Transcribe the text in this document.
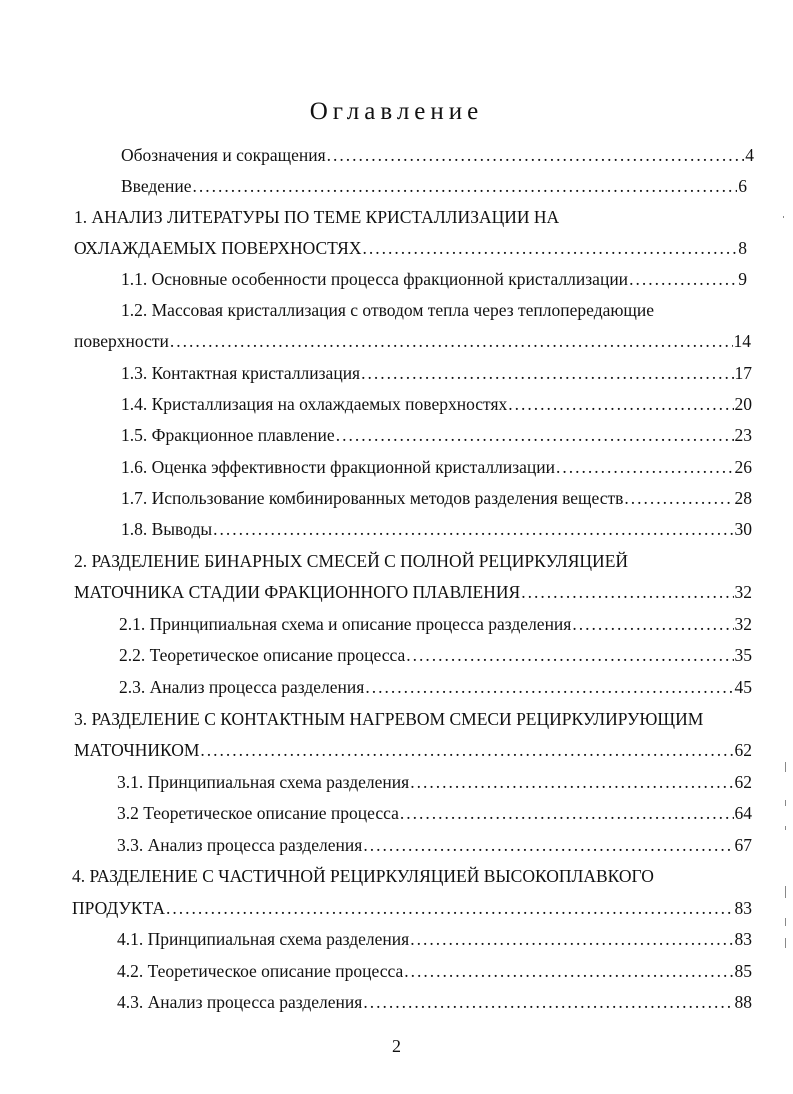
Оглавление
Обозначения и сокращения .....	4
Введение .....	6
1. АНАЛИЗ ЛИТЕРАТУРЫ ПО ТЕМЕ КРИСТАЛЛИЗАЦИИ НА
ОХЛАЖДАЕМЫХ ПОВЕРХНОСТЯХ .....	8
1.1. Основные особенности процесса фракционной кристаллизации .....	9
1.2. Массовая кристаллизация с отводом тепла через теплопередающие
поверхности .....	14
1.3. Контактная кристаллизация .....	17
1.4. Кристаллизация на охлаждаемых поверхностях .....	20
1.5. Фракционное плавление .....	23
1.6. Оценка эффективности фракционной кристаллизации .....	26
1.7. Использование комбинированных методов разделения веществ .....	28
1.8. Выводы .....	30
2. РАЗДЕЛЕНИЕ БИНАРНЫХ СМЕСЕЙ С ПОЛНОЙ РЕЦИРКУЛЯЦИЕЙ
МАТОЧНИКА СТАДИИ ФРАКЦИОННОГО ПЛАВЛЕНИЯ .....	32
2.1. Принципиальная схема и описание процесса разделения .....	32
2.2. Теоретическое описание процесса .....	35
2.3. Анализ процесса разделения .....	45
3. РАЗДЕЛЕНИЕ С КОНТАКТНЫМ НАГРЕВОМ СМЕСИ РЕЦИРКУЛИРУЮЩИМ
МАТОЧНИКОМ .....	62
3.1. Принципиальная схема разделения .....	62
3.2 Теоретическое описание процесса .....	64
3.3. Анализ процесса разделения .....	67
4. РАЗДЕЛЕНИЕ С ЧАСТИЧНОЙ РЕЦИРКУЛЯЦИЕЙ ВЫСОКОПЛАВКОГО
ПРОДУКТА .....	83
4.1. Принципиальная схема разделения .....	83
4.2. Теоретическое описание процесса .....	85
4.3. Анализ процесса разделения .....	88
2
